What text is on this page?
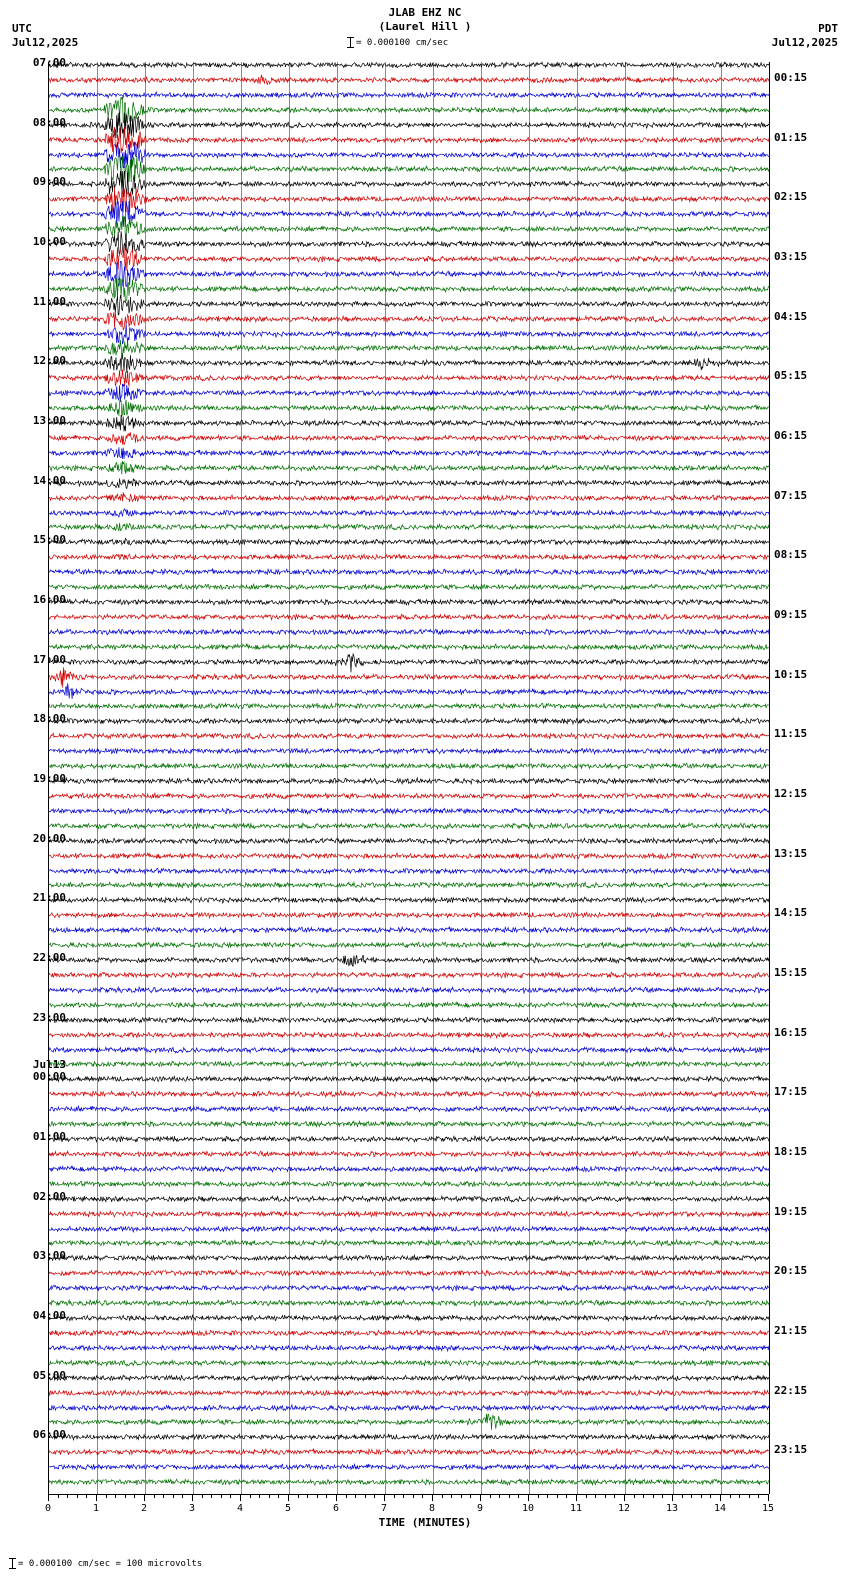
UTC
Jul12,2025
JLAB EHZ NC
(Laurel Hill )	PDT
Jul12,2025
= 0.000100 cm/sec
0	1	2	3	4	5	6	7	8	9	10	11	12	13	14	15
TIME (MINUTES)
= 0.000100 cm/sec = 100 microvolts
07:00
08:00
09:00
10:00
11:00
12:00
13:00
14:00
15:00
16:00
17:00
18:00
19:00
20:00
21:00
22:00
23:00
Jul13
00:00
01:00
02:00
03:00
04:00
05:00
06:00
00:15
01:15
02:15
03:15
04:15
05:15
06:15
07:15
08:15
09:15
10:15
11:15
12:15
13:15
14:15
15:15
16:15
17:15
18:15
19:15
20:15
21:15
22:15
23:15
